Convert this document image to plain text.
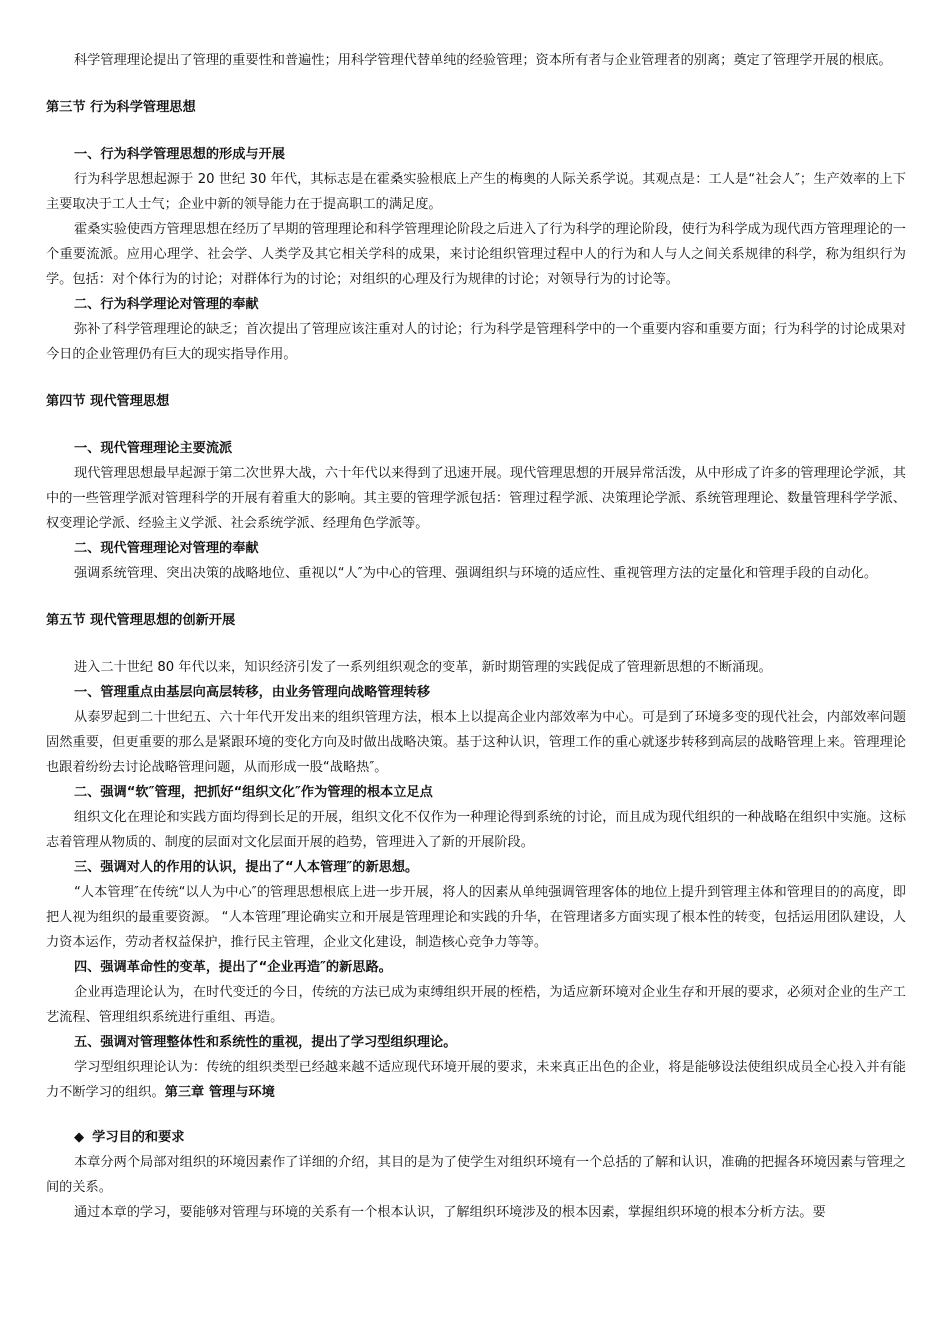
科学管理理论提出了管理的重要性和普遍性；用科学管理代替单纯的经验管理；资本所有者与企业管理者的别离；奠定了管理学开展的根底。

第三节 行为科学管理思想

一、行为科学管理思想的形成与开展

行为科学思想起源于 20 世纪 30 年代，其标志是在霍桑实验根底上产生的梅奥的人际关系学说。其观点是：工人是“社会人″；生产效率的上下主要取决于工人士气；企业中新的领导能力在于提高职工的满足度。

霍桑实验使西方管理思想在经历了早期的管理理论和科学管理理论阶段之后进入了行为科学的理论阶段，使行为科学成为现代西方管理理论的一个重要流派。应用心理学、社会学、人类学及其它相关学科的成果，来讨论组织管理过程中人的行为和人与人之间关系规律的科学，称为组织行为学。包括：对个体行为的讨论；对群体行为的讨论；对组织的心理及行为规律的讨论；对领导行为的讨论等。

二、行为科学理论对管理的奉献

弥补了科学管理理论的缺乏；首次提出了管理应该注重对人的讨论；行为科学是管理科学中的一个重要内容和重要方面；行为科学的讨论成果对今日的企业管理仍有巨大的现实指导作用。

第四节 现代管理思想

一、现代管理理论主要流派

现代管理思想最早起源于第二次世界大战，六十年代以来得到了迅速开展。现代管理思想的开展异常活泼，从中形成了许多的管理理论学派，其中的一些管理学派对管理科学的开展有着重大的影响。其主要的管理学派包括：管理过程学派、决策理论学派、系统管理理论、数量管理科学学派、权变理论学派、经验主义学派、社会系统学派、经理角色学派等。

二、现代管理理论对管理的奉献

强调系统管理、突出决策的战略地位、重视以“人″为中心的管理、强调组织与环境的适应性、重视管理方法的定量化和管理手段的自动化。

第五节 现代管理思想的创新开展

进入二十世纪 80 年代以来，知识经济引发了一系列组织观念的变革，新时期管理的实践促成了管理新思想的不断涌现。

一、管理重点由基层向高层转移，由业务管理向战略管理转移

从泰罗起到二十世纪五、六十年代开发出来的组织管理方法，根本上以提高企业内部效率为中心。可是到了环境多变的现代社会，内部效率问题固然重要，但更重要的那么是紧跟环境的变化方向及时做出战略决策。基于这种认识，管理工作的重心就逐步转移到高层的战略管理上来。管理理论也跟着纷纷去讨论战略管理问题，从而形成一股“战略热″。

二、强调“软″管理，把抓好“组织文化″作为管理的根本立足点

组织文化在理论和实践方面均得到长足的开展，组织文化不仅作为一种理论得到系统的讨论，而且成为现代组织的一种战略在组织中实施。这标志着管理从物质的、制度的层面对文化层面开展的趋势，管理进入了新的开展阶段。

三、强调对人的作用的认识，提出了“人本管理″的新思想。

“人本管理″在传统“以人为中心″的管理思想根底上进一步开展，将人的因素从单纯强调管理客体的地位上提升到管理主体和管理目的的高度，即把人视为组织的最重要资源。 “人本管理″理论确实立和开展是管理理论和实践的升华，在管理诸多方面实现了根本性的转变，包括运用团队建设，人力资本运作，劳动者权益保护，推行民主管理，企业文化建设，制造核心竞争力等等。

四、强调革命性的变革，提出了“企业再造″的新思路。

企业再造理论认为，在时代变迁的今日，传统的方法已成为束缚组织开展的桎梏，为适应新环境对企业生存和开展的要求，必须对企业的生产工艺流程、管理组织系统进行重组、再造。

五、强调对管理整体性和系统性的重视，提出了学习型组织理论。

学习型组织理论认为：传统的组织类型已经越来越不适应现代环境开展的要求，未来真正出色的企业，将是能够设法使组织成员全心投入并有能力不断学习的组织。第三章 管理与环境

◆ 学习目的和要求

本章分两个局部对组织的环境因素作了详细的介绍，其目的是为了使学生对组织环境有一个总括的了解和认识，准确的把握各环境因素与管理之间的关系。

通过本章的学习，要能够对管理与环境的关系有一个根本认识，了解组织环境涉及的根本因素，掌握组织环境的根本分析方法。要
